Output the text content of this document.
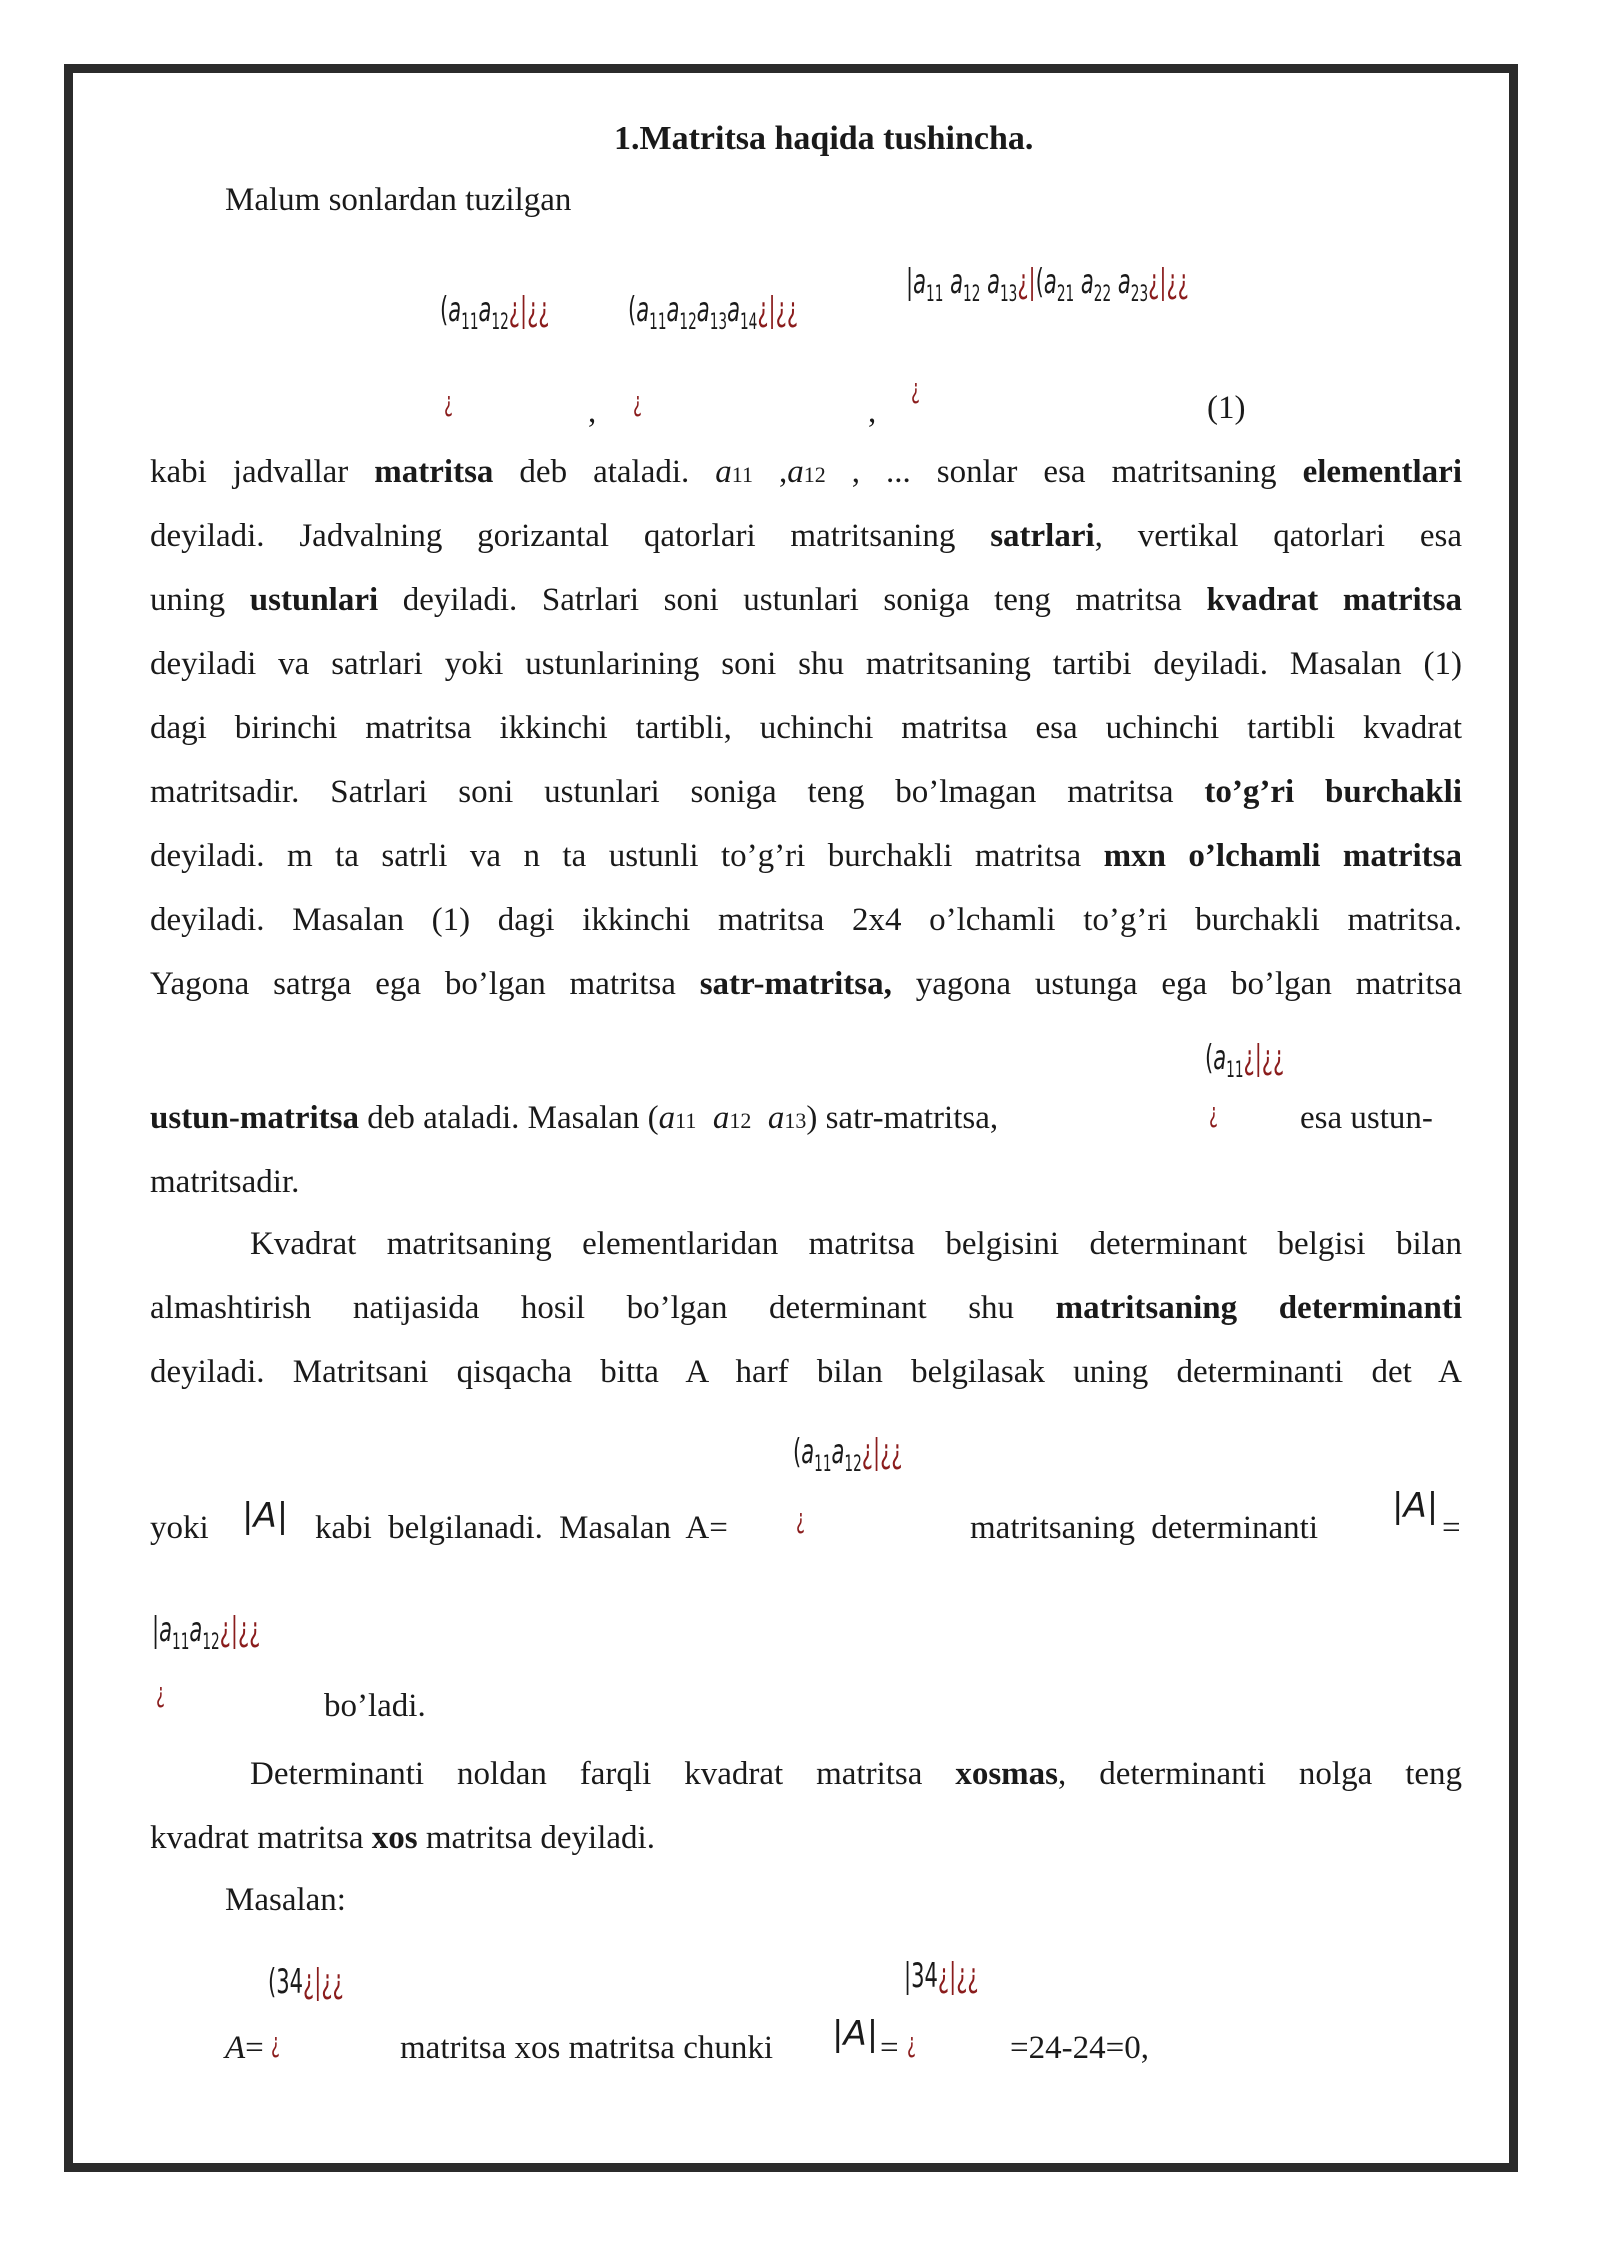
1.Matritsa haqida tushincha.
Malum sonlardan tuzilgan
($a_{11}a_{12}¿|¿¿$
¿	,
($a_{11}a_{12}a_{13}a_{14}¿|¿¿$
¿	,
$|a_{11}$ $a_{12}$ $a_{13}¿|(a_{21}$ $a_{22}$ $a_{23}¿|¿¿$
¿
(1)
kabi jadvallar matritsa deb ataladi. a11 ,a12 , ... sonlar esa matritsaning elementlari
deyiladi. Jadvalning gorizantal qatorlari matritsaning satrlari, vertikal qatorlari esa
uning ustunlari deyiladi. Satrlari soni ustunlari soniga teng matritsa kvadrat matritsa
deyiladi va satrlari yoki ustunlarining soni shu matritsaning tartibi deyiladi. Masalan (1)
dagi birinchi matritsa ikkinchi tartibli, uchinchi matritsa esa uchinchi tartibli kvadrat
matritsadir. Satrlari soni ustunlari soniga teng bo’lmagan matritsa to’g’ri burchakli
deyiladi. m ta satrli va n ta ustunli to’g’ri burchakli matritsa mxn o’lchamli matritsa
deyiladi. Masalan (1) dagi ikkinchi matritsa 2x4 o’lchamli to’g’ri burchakli matritsa.
Yagona satrga ega bo’lgan matritsa satr-matritsa, yagona ustunga ega bo’lgan matritsa
($a_{11}¿|¿¿$
¿
ustun-matritsa deb ataladi. Masalan (a11 a12 a13) satr-matritsa,	esa ustun-
matritsadir.
Kvadrat matritsaning elementlaridan matritsa belgisini determinant belgisi bilan
almashtirish natijasida hosil bo’lgan determinant shu matritsaning determinanti
deyiladi. Matritsani qisqacha bitta A harf bilan belgilasak uning determinanti det A
($a_{11}a_{12}¿|¿¿$
yoki |A| kabi belgilanadi. Masalan A= ¿	matritsaning determinanti
|A|
=
$|a_{11}a_{12}¿|¿¿$
¿	bo’ladi.
Determinanti noldan farqli kvadrat matritsa xosmas, determinanti nolga teng
kvadrat matritsa xos matritsa deyiladi.
Masalan:
(34¿|¿¿
A= ¿	matritsa xos matritsa chunki |A| =
|34¿|¿¿
¿	=24-24=0,
